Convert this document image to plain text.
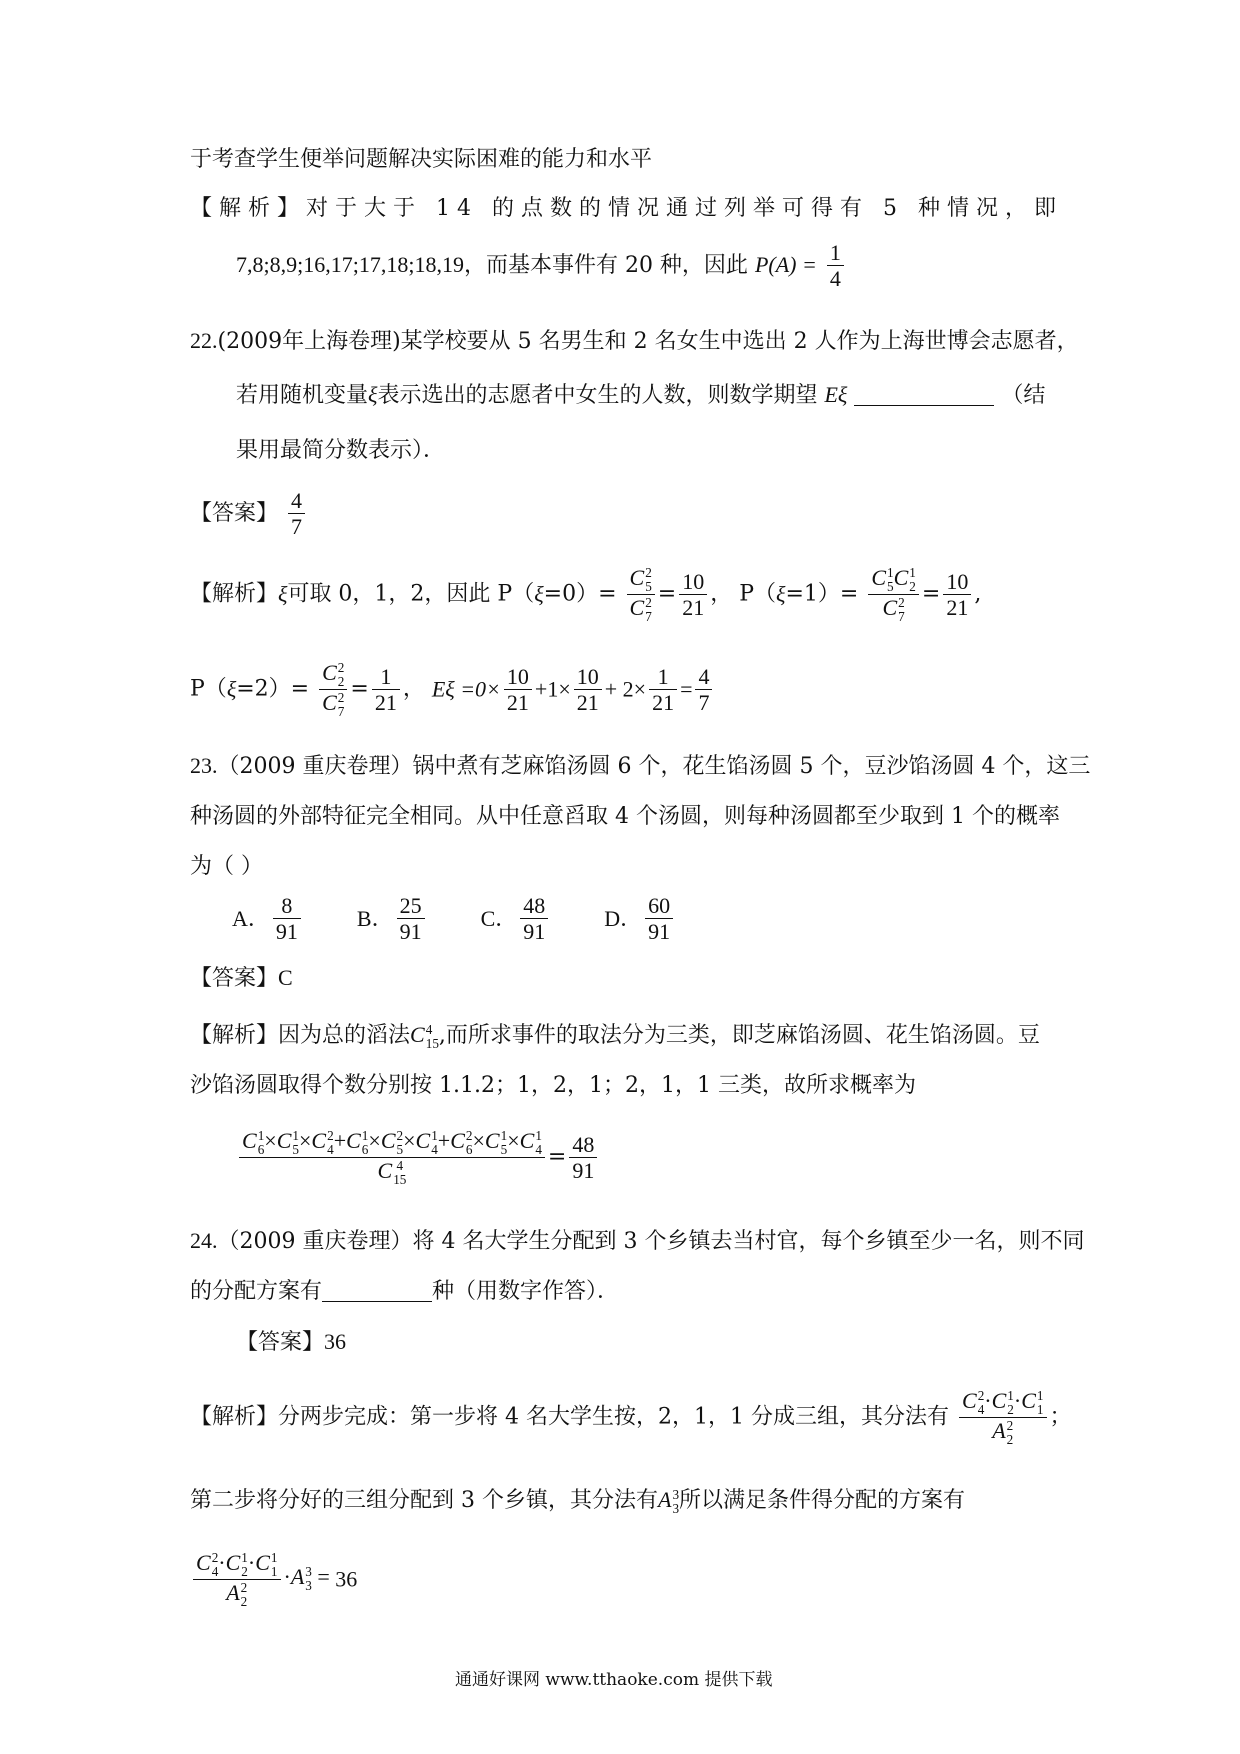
于考查学生便举问题解决实际困难的能力和水平
【解析】对于大于 14 的点数的情况通过列举可得有 5 种情况，即
7,8;8,9;16,17;17,18;18,19，而基本事件有 20 种，因此 $P(A) = \frac{1}{4}$
22.(2009年上海卷理)某学校要从 5 名男生和 2 名女生中选出 2 人作为上海世博会志愿者，
若用随机变量ξ表示选出的志愿者中女生的人数，则数学期望 Eξ	（结
果用最简分数表示）．
【答案】 $\frac{4}{7}$
【解析】ξ可取 0，1，2，因此 P（ξ=0）= C 2
5
C 2
$7 = \frac{10}{21}$ ， P（ξ=1）= C 1
5 C 1
2
C 2
$7 = \frac{10}{21}$ ,
P（ξ=2）= C 2
2
C 2
$7 = \frac{1}{21}$ ， $E\xi =0\times \frac{10}{21} +1\times \frac{10}{21} + 2\times \frac{1}{21} = \frac{4}{7}$
23.（2009 重庆卷理）锅中煮有芝麻馅汤圆 6 个，花生馅汤圆 5 个，豆沙馅汤圆 4 个，这三
种汤圆的外部特征完全相同。从中任意舀取 4 个汤圆，则每种汤圆都至少取到 1 个的概率
为（ ）
A． $\frac{8}{91}$	B． $\frac{25}{91}$	C． $\frac{48}{91}$	D． $\frac{60}{91}$
【答案】C
【解析】因为总的滔法C 4
15 ,而所求事件的取法分为三类，即芝麻馅汤圆、花生馅汤圆。豆
沙馅汤圆取得个数分别按 1.1.2；1，2，1；2，1，1 三类，故所求概率为
C 1
6 ×C 1
5 ×C 2
4 +C 1
6 ×C 2
5 ×C 1
4 +C 2
6 ×C 1
5 ×C 1
4
C 4
$15 = \frac{48}{91}$
24.（2009 重庆卷理）将 4 名大学生分配到 3 个乡镇去当村官，每个乡镇至少一名，则不同
的分配方案有	种（用数字作答）．
【答案】36
【解析】分两步完成：第一步将 4 名大学生按，2，1，1 分成三组，其分法有 C 2
4 ·C 1
2 ·C 1
1
A 2
2 ；
第二步将分好的三组分配到 3 个乡镇，其分法有A 3
3 所以满足条件得分配的方案有
C 2
4 ·C 1
2 ·C 1
1
A 2
2 ·A 3
3 = 36
通通好课网 www.tthaoke.com 提供下载
